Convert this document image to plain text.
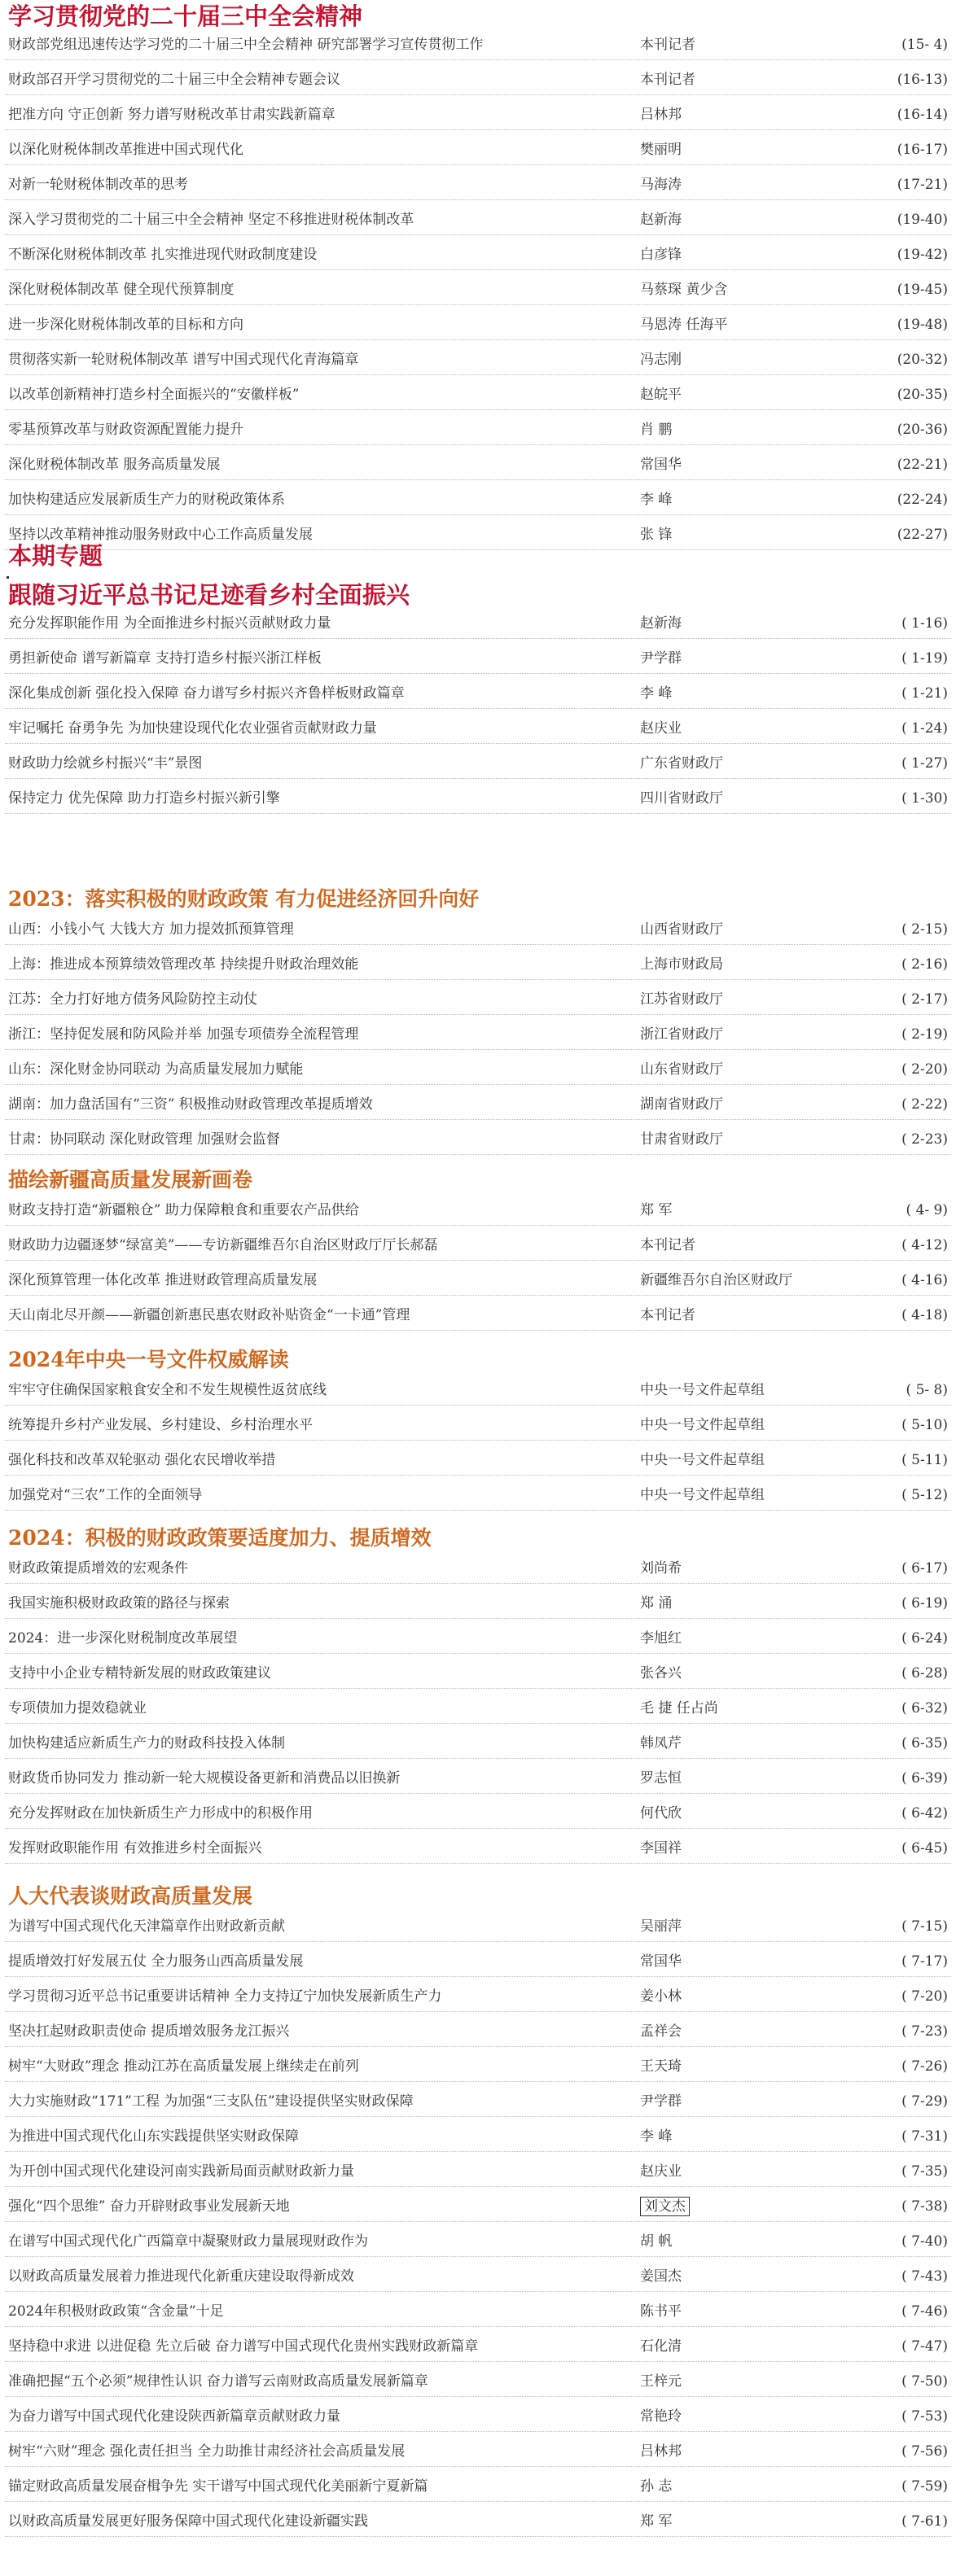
学习贯彻党的二十届三中全会精神
财政部党组迅速传达学习党的二十届三中全会精神 研究部署学习宣传贯彻工作	本刊记者	(15- 4)
财政部召开学习贯彻党的二十届三中全会精神专题会议	本刊记者	(16-13)
把准方向 守正创新 努力谱写财税改革甘肃实践新篇章	吕林邦	(16-14)
以深化财税体制改革推进中国式现代化	樊丽明	(16-17)
对新一轮财税体制改革的思考	马海涛	(17-21)
深入学习贯彻党的二十届三中全会精神 坚定不移推进财税体制改革	赵新海	(19-40)
不断深化财税体制改革 扎实推进现代财政制度建设	白彦锋	(19-42)
深化财税体制改革 健全现代预算制度	马蔡琛 黄少含	(19-45)
进一步深化财税体制改革的目标和方向	马恩涛 任海平	(19-48)
贯彻落实新一轮财税体制改革 谱写中国式现代化青海篇章	冯志刚	(20-32)
以改革创新精神打造乡村全面振兴的“安徽样板”	赵皖平	(20-35)
零基预算改革与财政资源配置能力提升	肖 鹏	(20-36)
深化财税体制改革 服务高质量发展	常国华	(22-21)
加快构建适应发展新质生产力的财税政策体系	李 峰	(22-24)
坚持以改革精神推动服务财政中心工作高质量发展	张 锋	(22-27)
本期专题
跟随习近平总书记足迹看乡村全面振兴
充分发挥职能作用 为全面推进乡村振兴贡献财政力量	赵新海	( 1-16)
勇担新使命 谱写新篇章 支持打造乡村振兴浙江样板	尹学群	( 1-19)
深化集成创新 强化投入保障 奋力谱写乡村振兴齐鲁样板财政篇章	李 峰	( 1-21)
牢记嘱托 奋勇争先 为加快建设现代化农业强省贡献财政力量	赵庆业	( 1-24)
财政助力绘就乡村振兴“丰”景图	广东省财政厅	( 1-27)
保持定力 优先保障 助力打造乡村振兴新引擎	四川省财政厅	( 1-30)
2023：落实积极的财政政策 有力促进经济回升向好
山西：小钱小气 大钱大方 加力提效抓预算管理	山西省财政厅	( 2-15)
上海：推进成本预算绩效管理改革 持续提升财政治理效能	上海市财政局	( 2-16)
江苏：全力打好地方债务风险防控主动仗	江苏省财政厅	( 2-17)
浙江：坚持促发展和防风险并举 加强专项债券全流程管理	浙江省财政厅	( 2-19)
山东：深化财金协同联动 为高质量发展加力赋能	山东省财政厅	( 2-20)
湖南：加力盘活国有“三资” 积极推动财政管理改革提质增效	湖南省财政厅	( 2-22)
甘肃：协同联动 深化财政管理 加强财会监督	甘肃省财政厅	( 2-23)
描绘新疆高质量发展新画卷
财政支持打造“新疆粮仓” 助力保障粮食和重要农产品供给	郑 军	( 4- 9)
财政助力边疆逐梦“绿富美”——专访新疆维吾尔自治区财政厅厅长郝磊	本刊记者	( 4-12)
深化预算管理一体化改革 推进财政管理高质量发展	新疆维吾尔自治区财政厅	( 4-16)
天山南北尽开颜——新疆创新惠民惠农财政补贴资金“一卡通”管理	本刊记者	( 4-18)
2024年中央一号文件权威解读
牢牢守住确保国家粮食安全和不发生规模性返贫底线	中央一号文件起草组	( 5- 8)
统筹提升乡村产业发展、乡村建设、乡村治理水平	中央一号文件起草组	( 5-10)
强化科技和改革双轮驱动 强化农民增收举措	中央一号文件起草组	( 5-11)
加强党对“三农”工作的全面领导	中央一号文件起草组	( 5-12)
2024：积极的财政政策要适度加力、提质增效
财政政策提质增效的宏观条件	刘尚希	( 6-17)
我国实施积极财政政策的路径与探索	郑 涌	( 6-19)
2024：进一步深化财税制度改革展望	李旭红	( 6-24)
支持中小企业专精特新发展的财政政策建议	张各兴	( 6-28)
专项债加力提效稳就业	毛 捷 任占尚	( 6-32)
加快构建适应新质生产力的财政科技投入体制	韩凤芹	( 6-35)
财政货币协同发力 推动新一轮大规模设备更新和消费品以旧换新	罗志恒	( 6-39)
充分发挥财政在加快新质生产力形成中的积极作用	何代欣	( 6-42)
发挥财政职能作用 有效推进乡村全面振兴	李国祥	( 6-45)
人大代表谈财政高质量发展
为谱写中国式现代化天津篇章作出财政新贡献	吴丽萍	( 7-15)
提质增效打好发展五仗 全力服务山西高质量发展	常国华	( 7-17)
学习贯彻习近平总书记重要讲话精神 全力支持辽宁加快发展新质生产力	姜小林	( 7-20)
坚决扛起财政职责使命 提质增效服务龙江振兴	孟祥会	( 7-23)
树牢“大财政”理念 推动江苏在高质量发展上继续走在前列	王天琦	( 7-26)
大力实施财政“171”工程 为加强“三支队伍”建设提供坚实财政保障	尹学群	( 7-29)
为推进中国式现代化山东实践提供坚实财政保障	李 峰	( 7-31)
为开创中国式现代化建设河南实践新局面贡献财政新力量	赵庆业	( 7-35)
强化“四个思维” 奋力开辟财政事业发展新天地	刘文杰	( 7-38)
在谱写中国式现代化广西篇章中凝聚财政力量展现财政作为	胡 帆	( 7-40)
以财政高质量发展着力推进现代化新重庆建设取得新成效	姜国杰	( 7-43)
2024年积极财政政策“含金量”十足	陈书平	( 7-46)
坚持稳中求进 以进促稳 先立后破 奋力谱写中国式现代化贵州实践财政新篇章	石化清	( 7-47)
准确把握“五个必须”规律性认识 奋力谱写云南财政高质量发展新篇章	王梓元	( 7-50)
为奋力谱写中国式现代化建设陕西新篇章贡献财政力量	常艳玲	( 7-53)
树牢“六财”理念 强化责任担当 全力助推甘肃经济社会高质量发展	吕林邦	( 7-56)
锚定财政高质量发展奋楫争先 实干谱写中国式现代化美丽新宁夏新篇	孙 志	( 7-59)
以财政高质量发展更好服务保障中国式现代化建设新疆实践	郑 军	( 7-61)
